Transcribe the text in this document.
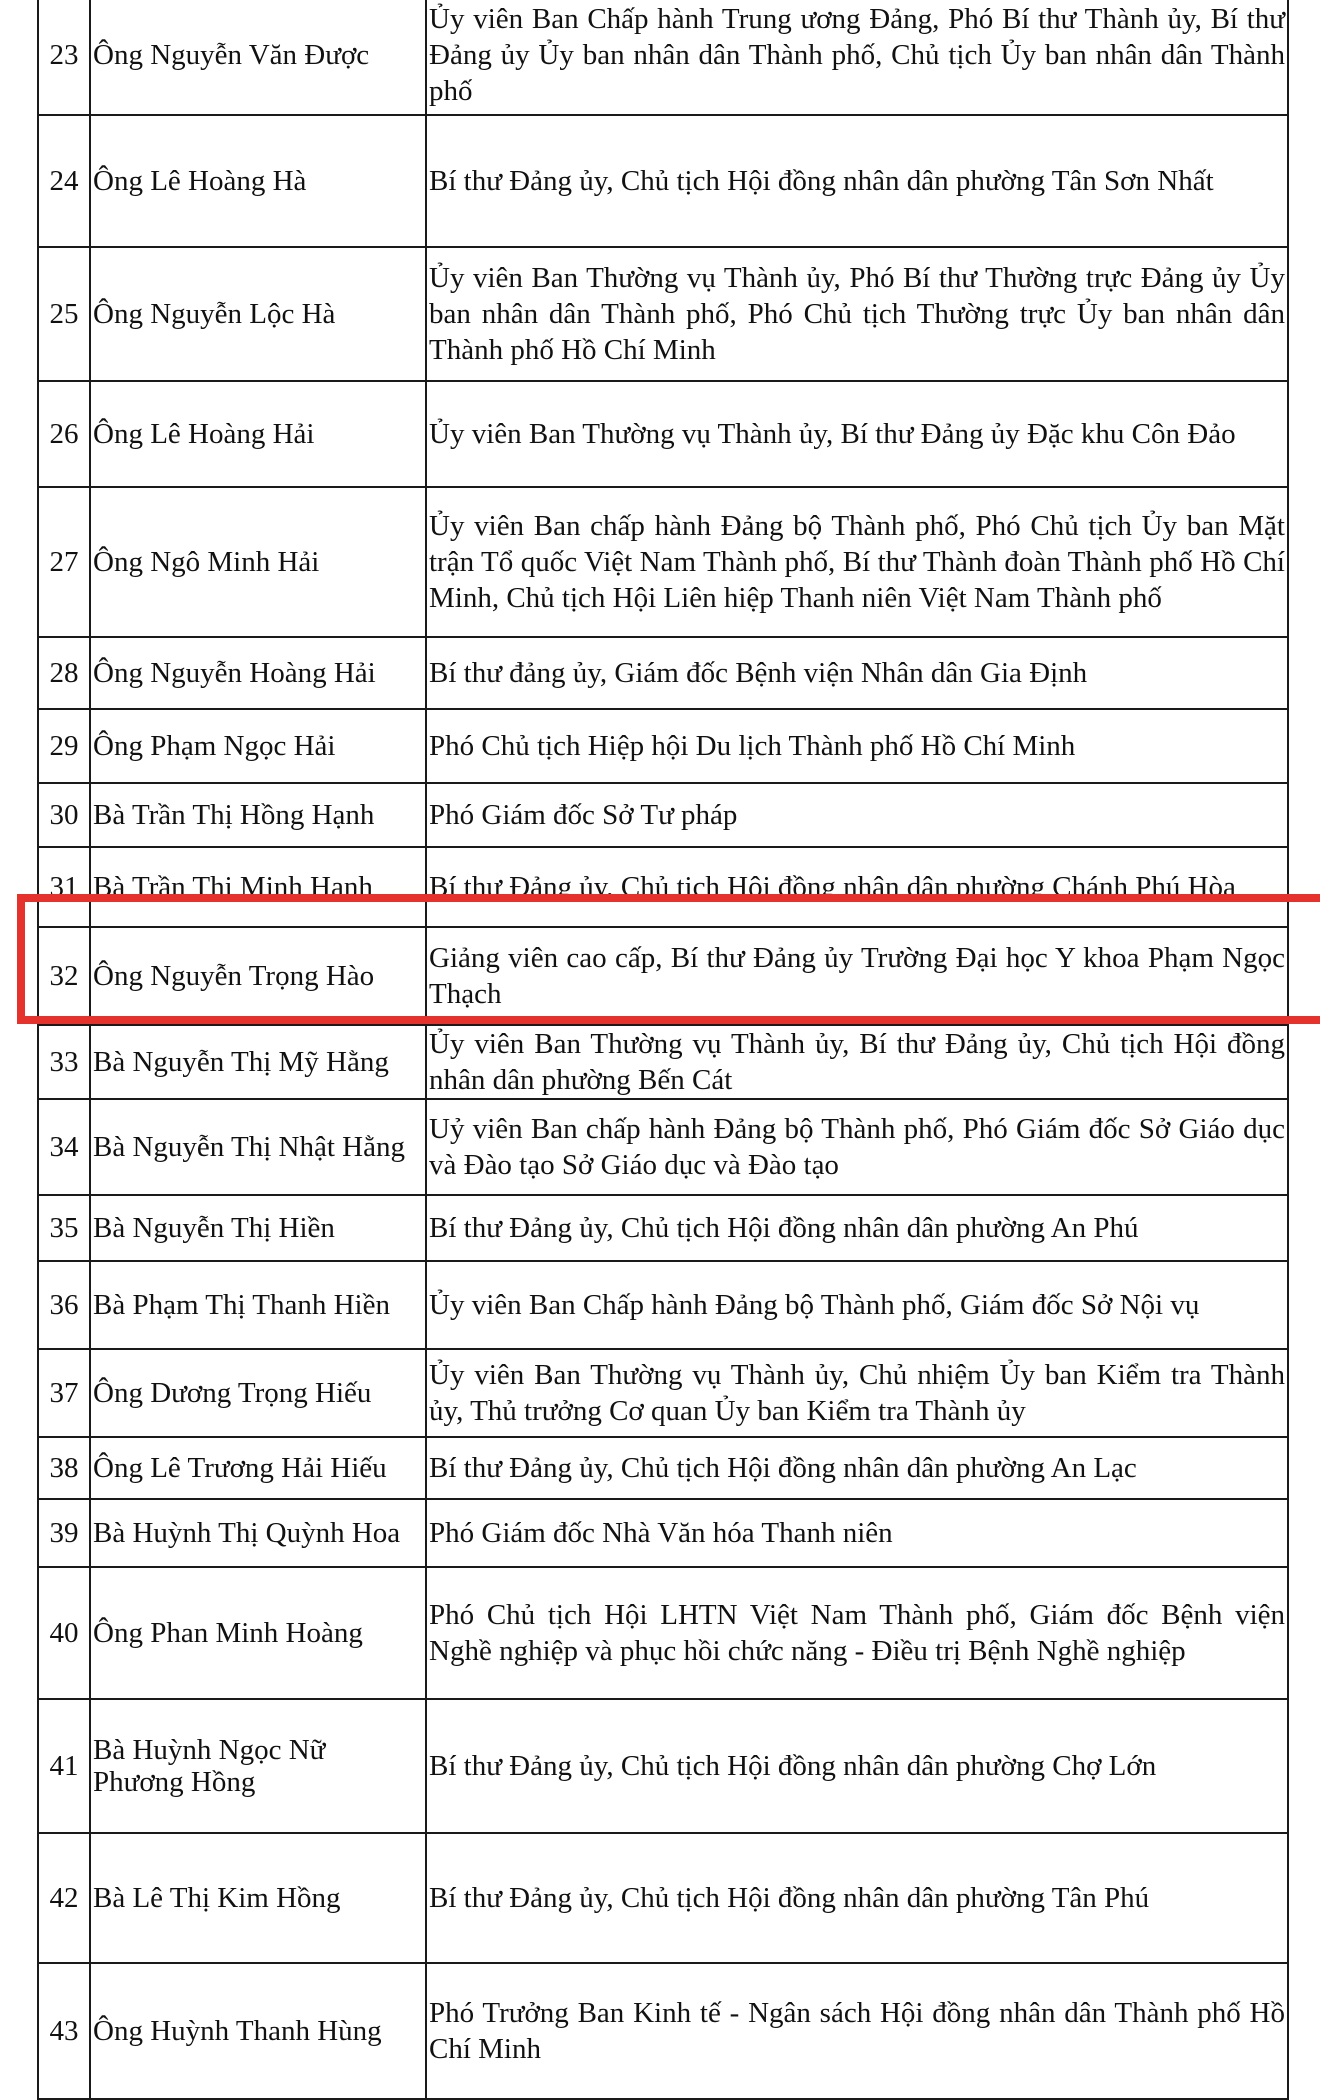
23	Ông Nguyễn Văn Được	Ủy viên Ban Chấp hành Trung ương Đảng, Phó Bí thư Thành ủy, Bí thư Đảng ủy Ủy ban nhân dân Thành phố, Chủ tịch Ủy ban nhân dân Thành phố
24	Ông Lê Hoàng Hà	Bí thư Đảng ủy, Chủ tịch Hội đồng nhân dân phường Tân Sơn Nhất
25	Ông Nguyễn Lộc Hà	Ủy viên Ban Thường vụ Thành ủy, Phó Bí thư Thường trực Đảng ủy Ủy ban nhân dân Thành phố, Phó Chủ tịch Thường trực Ủy ban nhân dân Thành phố Hồ Chí Minh
26	Ông Lê Hoàng Hải	Ủy viên Ban Thường vụ Thành ủy, Bí thư Đảng ủy Đặc khu Côn Đảo
27	Ông Ngô Minh Hải	Ủy viên Ban chấp hành Đảng bộ Thành phố, Phó Chủ tịch Ủy ban Mặt trận Tổ quốc Việt Nam Thành phố, Bí thư Thành đoàn Thành phố Hồ Chí Minh, Chủ tịch Hội Liên hiệp Thanh niên Việt Nam Thành phố
28	Ông Nguyễn Hoàng Hải	Bí thư đảng ủy, Giám đốc Bệnh viện Nhân dân Gia Định
29	Ông Phạm Ngọc Hải	Phó Chủ tịch Hiệp hội Du lịch Thành phố Hồ Chí Minh
30	Bà Trần Thị Hồng Hạnh	Phó Giám đốc Sở Tư pháp
31	Bà Trần Thị Minh Hạnh	Bí thư Đảng ủy, Chủ tịch Hội đồng nhân dân phường Chánh Phú Hòa
32	Ông Nguyễn Trọng Hào	Giảng viên cao cấp, Bí thư Đảng ủy Trường Đại học Y khoa Phạm Ngọc Thạch
33	Bà Nguyễn Thị Mỹ Hằng	Ủy viên Ban Thường vụ Thành ủy, Bí thư Đảng ủy, Chủ tịch Hội đồng nhân dân phường Bến Cát
34	Bà Nguyễn Thị Nhật Hằng	Uỷ viên Ban chấp hành Đảng bộ Thành phố, Phó Giám đốc Sở Giáo dục và Đào tạo Sở Giáo dục và Đào tạo
35	Bà Nguyễn Thị Hiền	Bí thư Đảng ủy, Chủ tịch Hội đồng nhân dân phường An Phú
36	Bà Phạm Thị Thanh Hiền	Ủy viên Ban Chấp hành Đảng bộ Thành phố, Giám đốc Sở Nội vụ
37	Ông Dương Trọng Hiếu	Ủy viên Ban Thường vụ Thành ủy, Chủ nhiệm Ủy ban Kiểm tra Thành ủy, Thủ trưởng Cơ quan Ủy ban Kiểm tra Thành ủy
38	Ông Lê Trương Hải Hiếu	Bí thư Đảng ủy, Chủ tịch Hội đồng nhân dân phường An Lạc
39	Bà Huỳnh Thị Quỳnh Hoa	Phó Giám đốc Nhà Văn hóa Thanh niên
40	Ông Phan Minh Hoàng	Phó Chủ tịch Hội LHTN Việt Nam Thành phố, Giám đốc Bệnh viện Nghề nghiệp và phục hồi chức năng - Điều trị Bệnh Nghề nghiệp
41	Bà Huỳnh Ngọc Nữ Phương Hồng	Bí thư Đảng ủy, Chủ tịch Hội đồng nhân dân phường Chợ Lớn
42	Bà Lê Thị Kim Hồng	Bí thư Đảng ủy, Chủ tịch Hội đồng nhân dân phường Tân Phú
43	Ông Huỳnh Thanh Hùng	Phó Trưởng Ban Kinh tế - Ngân sách Hội đồng nhân dân Thành phố Hồ Chí Minh
